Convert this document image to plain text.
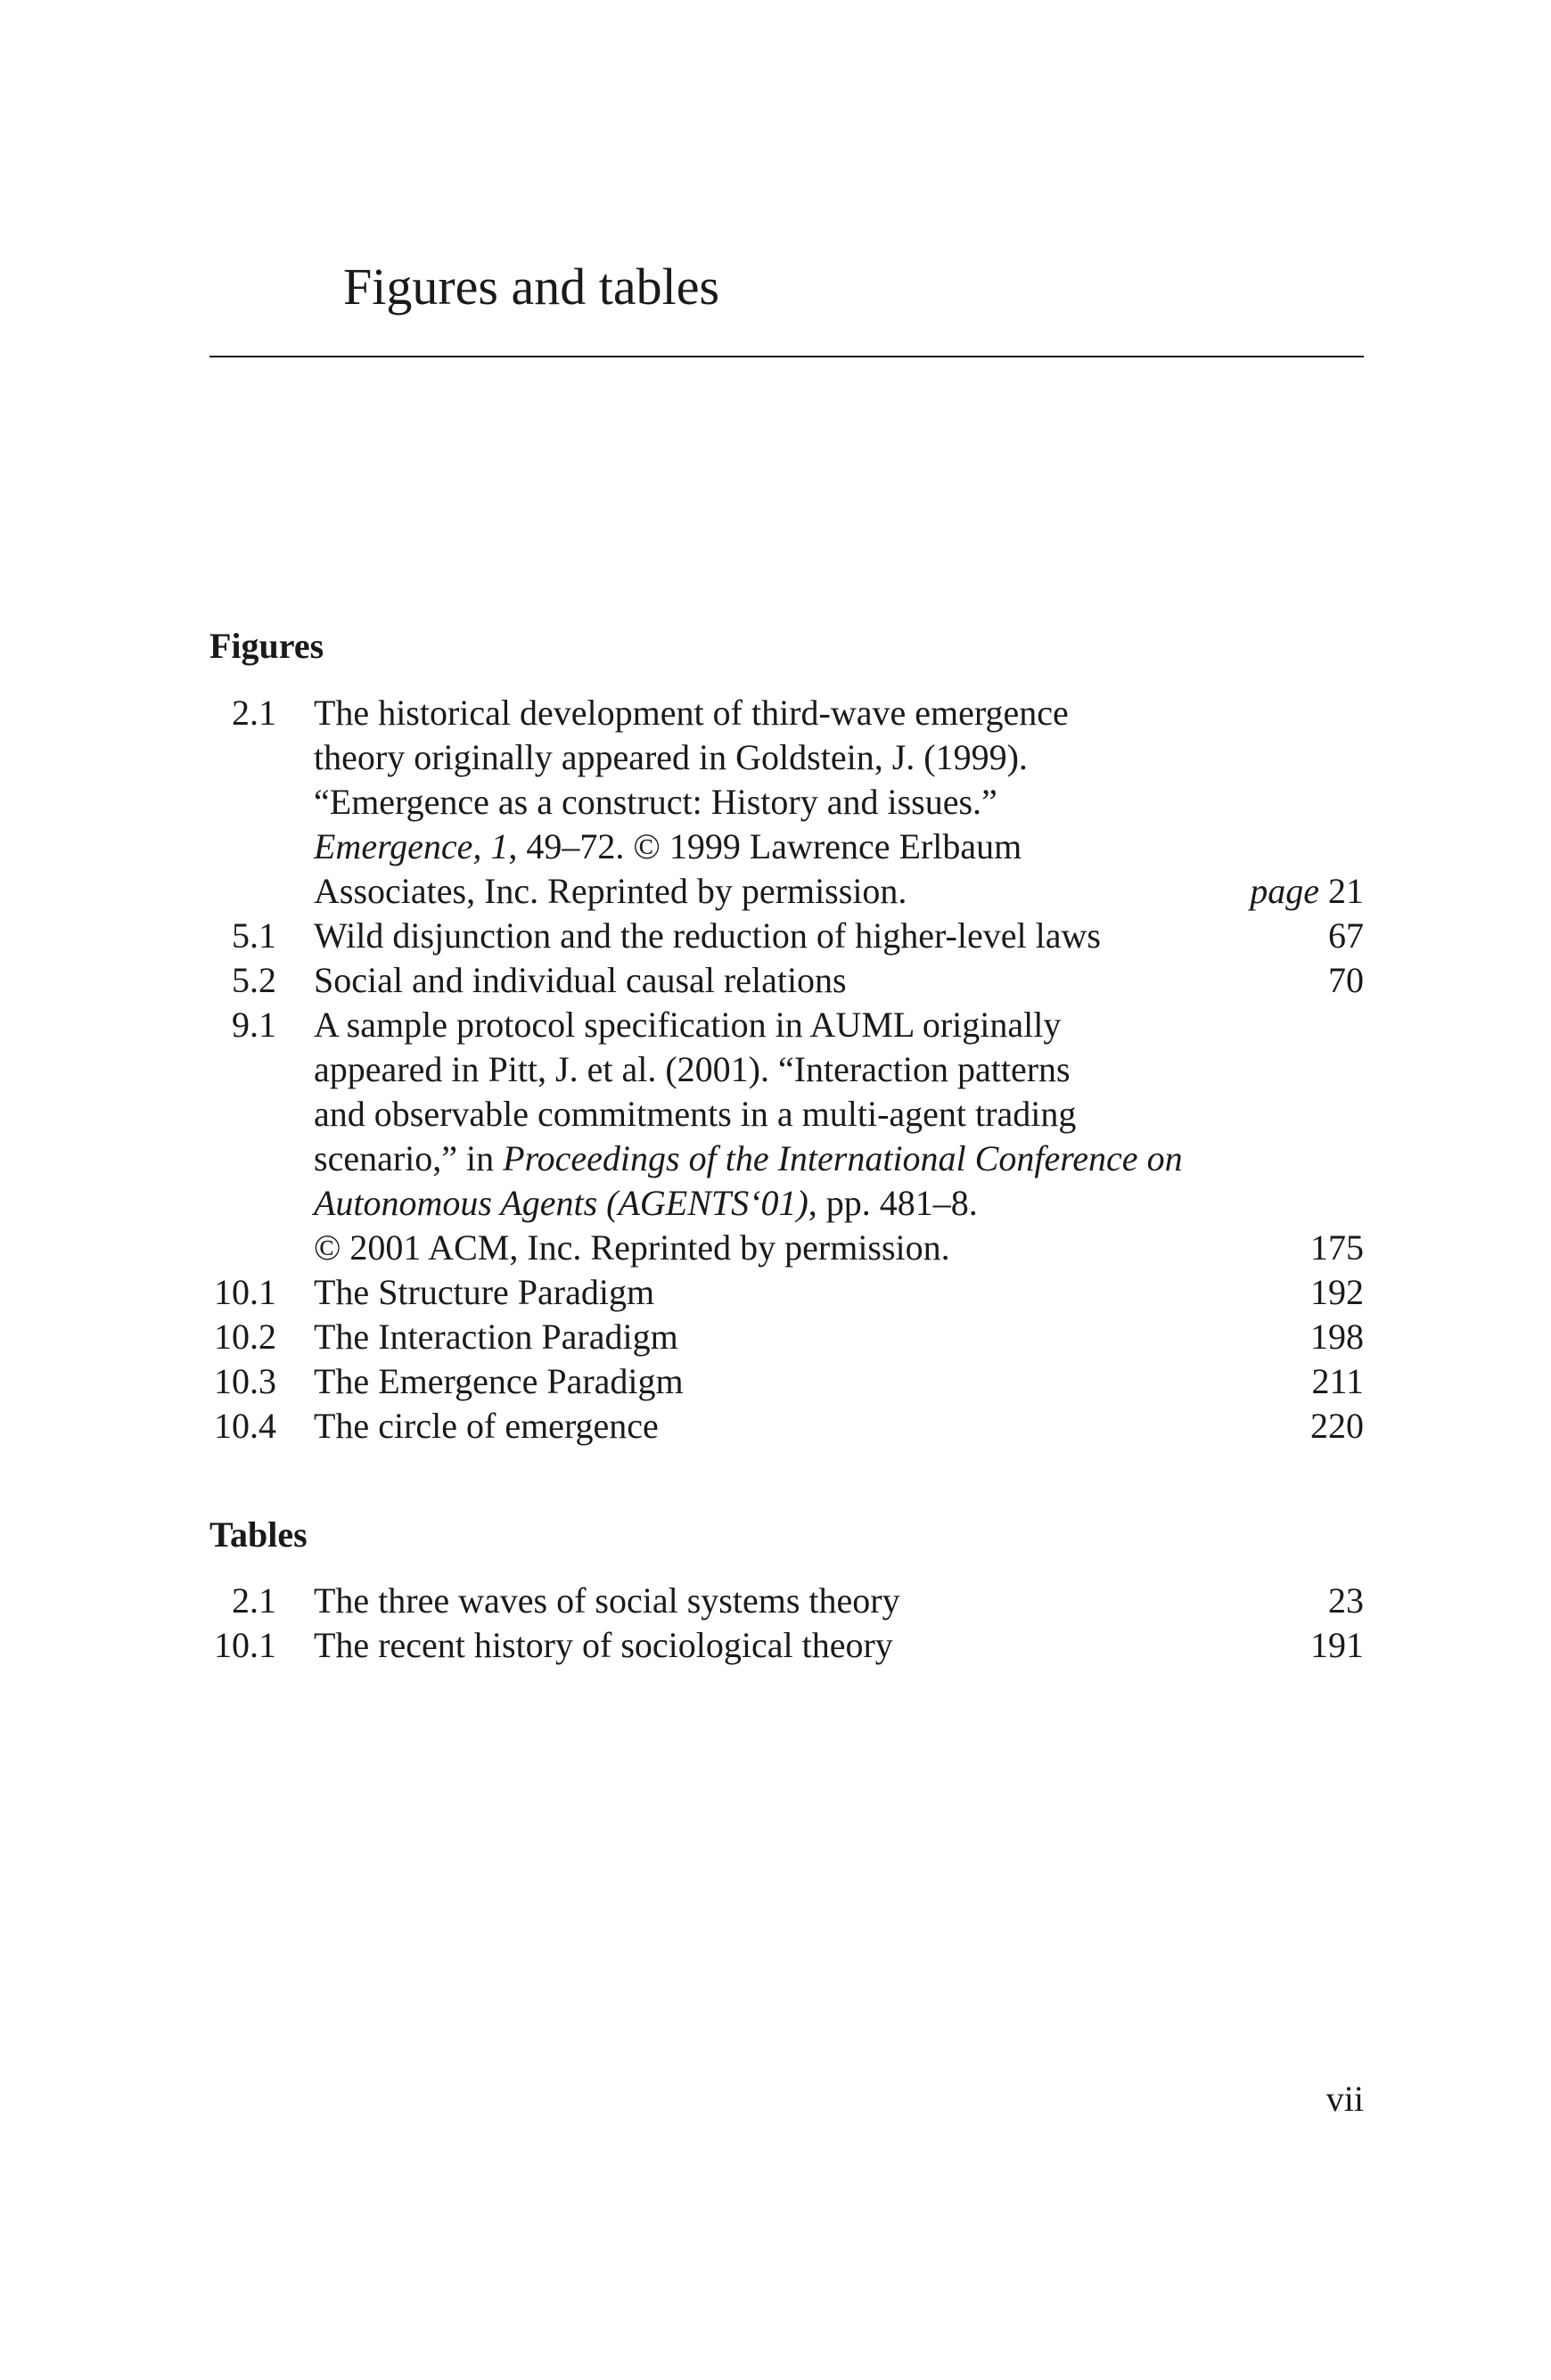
Figures and tables
Figures
2.1 The historical development of third-wave emergence
theory originally appeared in Goldstein, J. (1999).
“Emergence as a construct: History and issues.”
Emergence, 1, 49–72. © 1999 Lawrence Erlbaum
Associates, Inc. Reprinted by permission.	page 21
5.1 Wild disjunction and the reduction of higher-level laws	67
5.2 Social and individual causal relations	70
9.1 A sample protocol specification in AUML originally
appeared in Pitt, J. et al. (2001). “Interaction patterns
and observable commitments in a multi-agent trading
scenario,” in Proceedings of the International Conference on
Autonomous Agents (AGENTS‘01), pp. 481–8.
© 2001 ACM, Inc. Reprinted by permission.	175
10.1 The Structure Paradigm	192
10.2 The Interaction Paradigm	198
10.3 The Emergence Paradigm	211
10.4 The circle of emergence	220
Tables
2.1 The three waves of social systems theory	23
10.1 The recent history of sociological theory	191
vii
